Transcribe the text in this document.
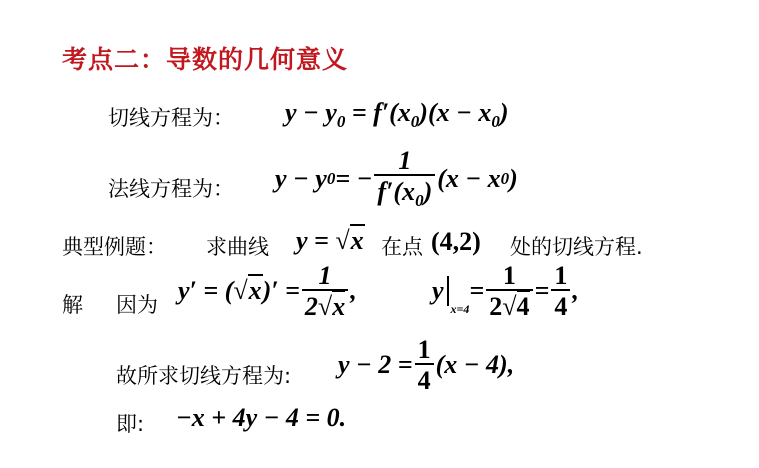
考点二：导数的几何意义
切线方程为： $y - y_0 = f'(x_0)(x - x_0)$
法线方程为： y − y 0 = − $\frac{1}{f'(x_0)} (x - x$ 0 )
典型例题： 求曲线 y = √x 在点 (4,2) 处的切线方程.
解 因为 y′ = ( √x )′ = $\frac{1}{2√x}$ ,	y
x=4
= $\frac{1}{2√4} = \frac{1}{4}$ ,
故所求切线方程为: $y - 2 = \frac{1}{4} (x - 4)$,
即: −x + 4y − 4 = 0.
